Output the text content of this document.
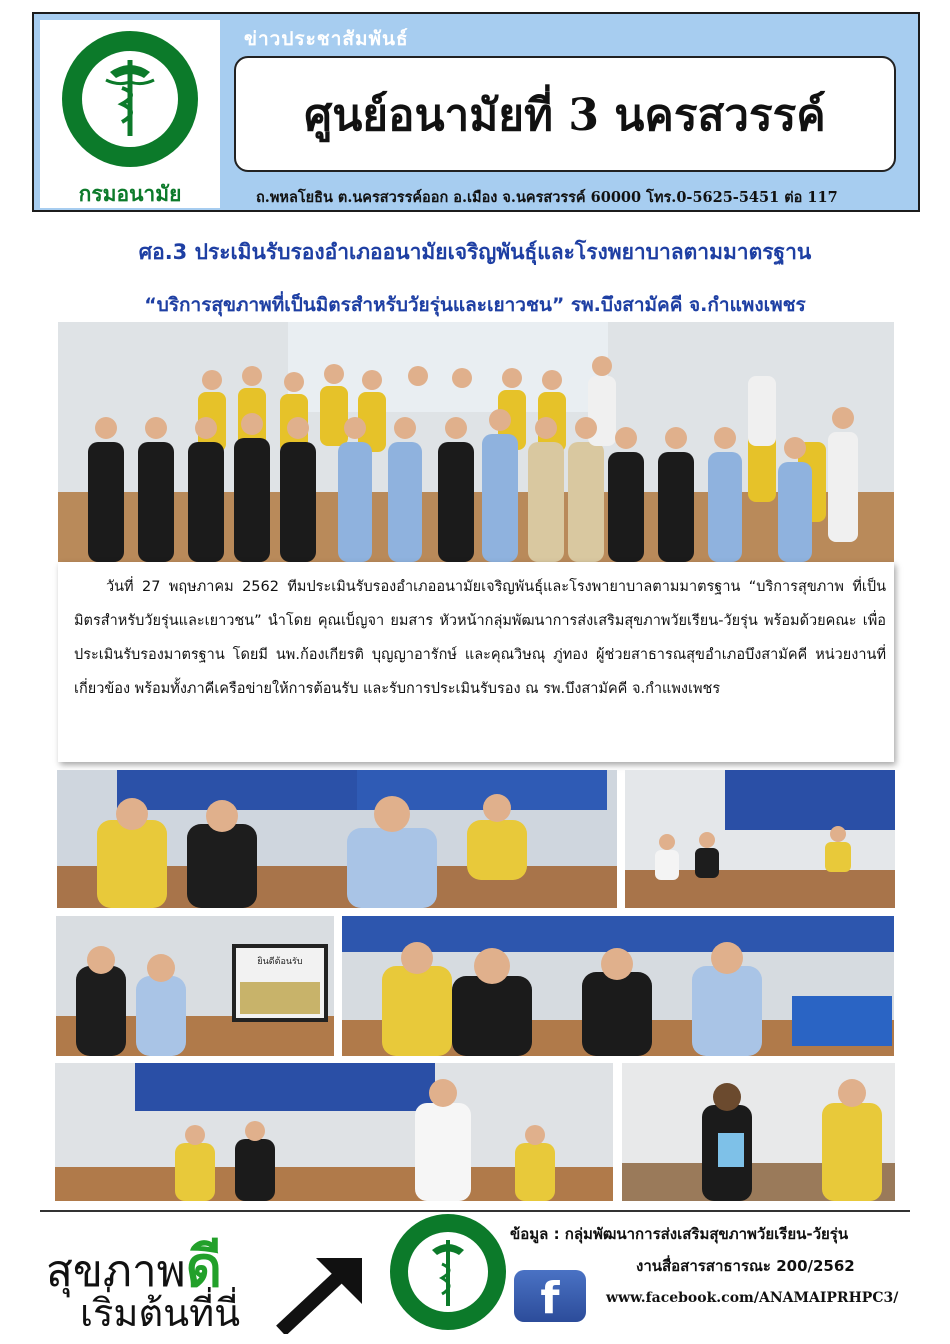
กรมอนามัย
ข่าวประชาสัมพันธ์
ศูนย์อนามัยที่ 3 นครสวรรค์
ถ.พหลโยธิน ต.นครสวรรค์ออก อ.เมือง จ.นครสวรรค์ 60000 โทร.0-5625-5451 ต่อ 117
ศอ.3 ประเมินรับรองอำเภออนามัยเจริญพันธุ์และโรงพยาบาลตามมาตรฐาน
“บริการสุขภาพที่เป็นมิตรสำหรับวัยรุ่นและเยาวชน” รพ.บึงสามัคคี จ.กำแพงเพชร
วันที่ 27 พฤษภาคม 2562 ทีมประเมินรับรองอำเภออนามัยเจริญพันธุ์และโรงพายาบาลตามมาตรฐาน “บริการสุขภาพ ที่เป็นมิตรสำหรับวัยรุ่นและเยาวชน” นำโดย คุณเบ็ญจา ยมสาร หัวหน้ากลุ่มพัฒนาการส่งเสริมสุขภาพวัยเรียน-วัยรุ่น พร้อมด้วยคณะ เพื่อประเมินรับรองมาตรฐาน โดยมี นพ.ก้องเกียรติ บุญญาอารักษ์ และคุณวิษณุ ภู่ทอง ผู้ช่วยสาธารณสุขอำเภอบึงสามัคคี หน่วยงานที่เกี่ยวข้อง พร้อมทั้งภาคีเครือข่ายให้การต้อนรับ และรับการประเมินรับรอง ณ รพ.บึงสามัคคี จ.กำแพงเพชร
ยินดีต้อนรับ
สุขภาพดี
เริ่มต้นที่นี่	f
ข้อมูล : กลุ่มพัฒนาการส่งเสริมสุขภาพวัยเรียน-วัยรุ่น
งานสื่อสารสาธารณะ 200/2562
www.facebook.com/ANAMAIPRHPC3/
